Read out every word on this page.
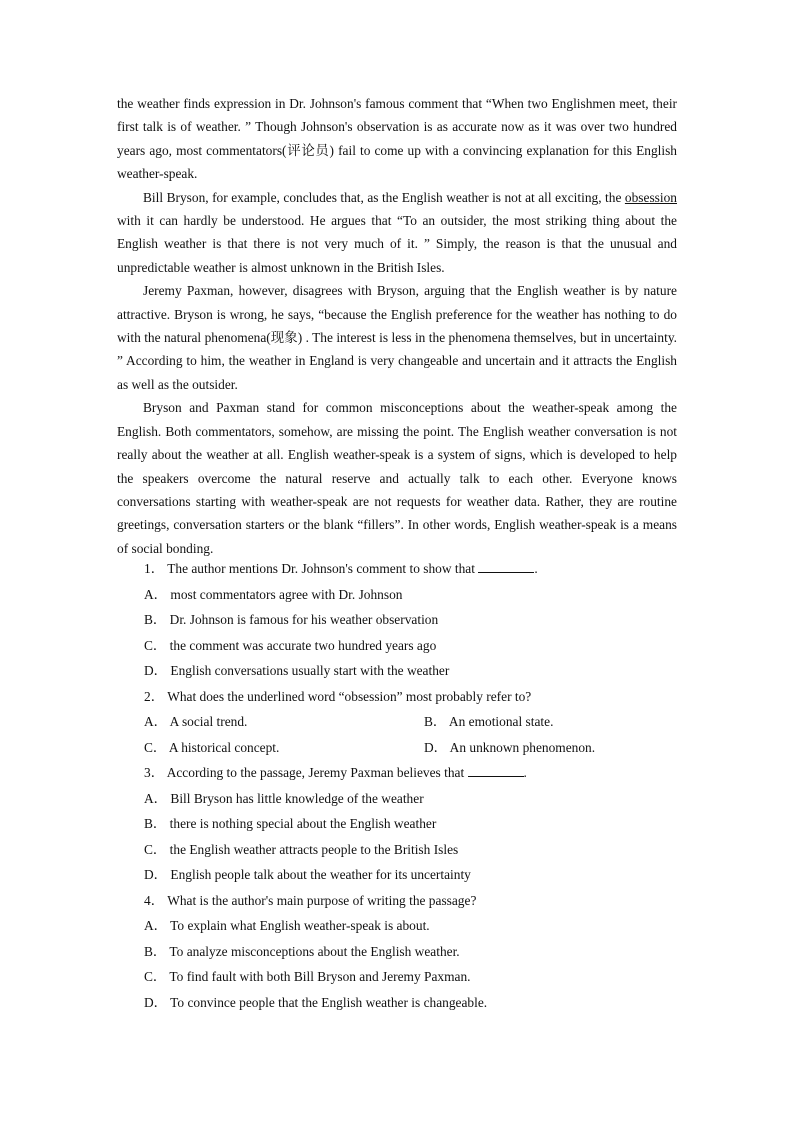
the weather finds expression in Dr. Johnson's famous comment that “When two Englishmen meet, their first talk is of weather. ” Though Johnson's observation is as accurate now as it was over two hundred years ago, most commentators(评论员) fail to come up with a convincing explanation for this English weather-speak.

Bill Bryson, for example, concludes that, as the English weather is not at all exciting, the obsession with it can hardly be understood. He argues that “To an outsider, the most striking thing about the English weather is that there is not very much of it. ” Simply, the reason is that the unusual and unpredictable weather is almost unknown in the British Isles.

Jeremy Paxman, however, disagrees with Bryson, arguing that the English weather is by nature attractive. Bryson is wrong, he says, “because the English preference for the weather has nothing to do with the natural phenomena(现象) . The interest is less in the phenomena themselves, but in uncertainty. ” According to him, the weather in England is very changeable and uncertain and it attracts the English as well as the outsider.

Bryson and Paxman stand for common misconceptions about the weather-speak among the English. Both commentators, somehow, are missing the point. The English weather conversation is not really about the weather at all. English weather-speak is a system of signs, which is developed to help the speakers overcome the natural reserve and actually talk to each other. Everyone knows conversations starting with weather-speak are not requests for weather data. Rather, they are routine greetings, conversation starters or the blank “fillers”. In other words, English weather-speak is a means of social bonding.

1． The author mentions Dr. Johnson's comment to show that	.

A． most commentators agree with Dr. Johnson

B． Dr. Johnson is famous for his weather observation

C． the comment was accurate two hundred years ago

D． English conversations usually start with the weather

2． What does the underlined word “obsession” most probably refer to?

A． A social trend.	B． An emotional state.
C． A historical concept.	D． An unknown phenomenon.

3． According to the passage, Jeremy Paxman believes that	.

A． Bill Bryson has little knowledge of the weather

B． there is nothing special about the English weather

C． the English weather attracts people to the British Isles

D． English people talk about the weather for its uncertainty

4． What is the author's main purpose of writing the passage?

A． To explain what English weather-speak is about.

B． To analyze misconceptions about the English weather.

C． To find fault with both Bill Bryson and Jeremy Paxman.

D． To convince people that the English weather is changeable.
